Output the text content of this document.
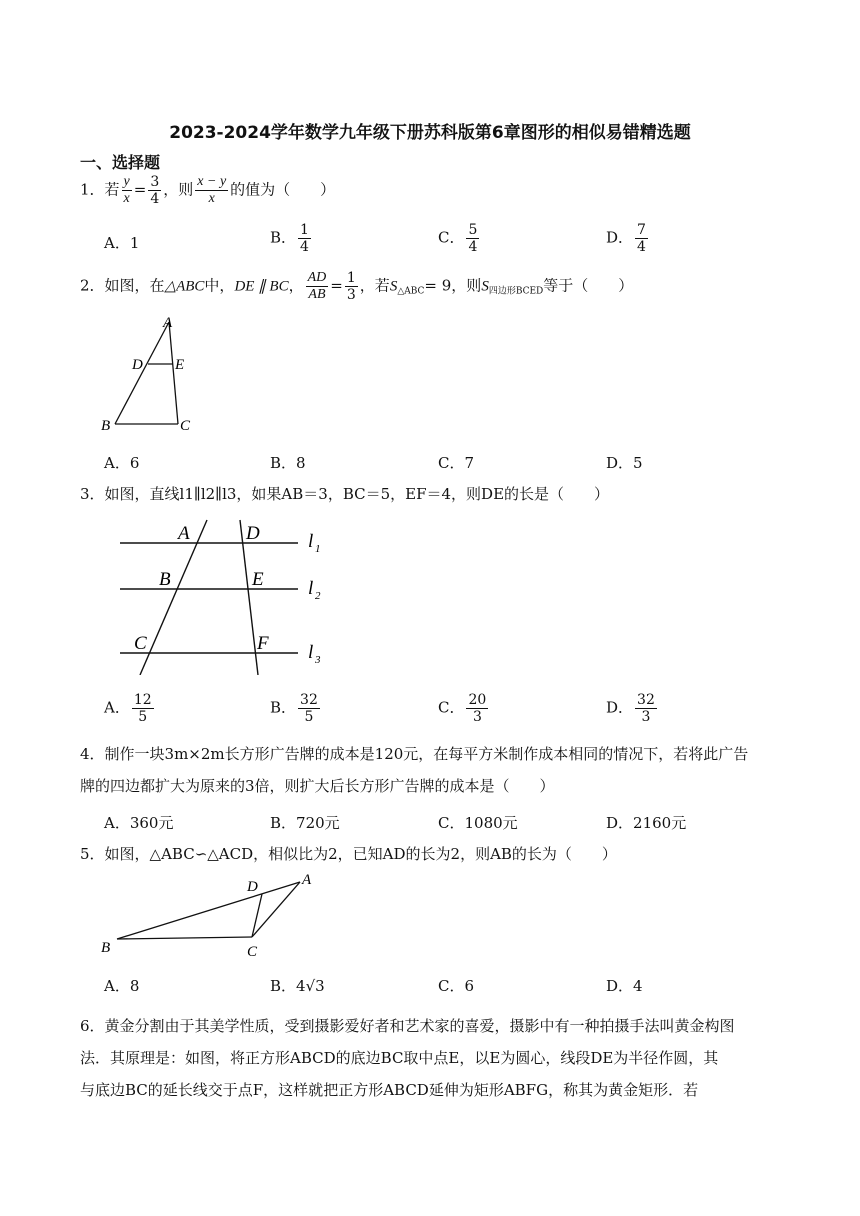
2023-2024学年数学九年级下册苏科版第6章图形的相似易错精选题
一、选择题
1．若 $\frac{y}{x} = \frac{3}{4}$ ，则 $\frac{x - y}{x}$ 的值为（　　）
A．1	B． $\frac{1}{4}$	C． $\frac{5}{4}$	D． $\frac{7}{4}$
2．如图，在△ABC中，DE ∥ BC， $\frac{AD}{AB} = \frac{1}{3}$ ，若$S_{\triangle ABC}= 9$，则$S_{四边形BCED}$等于（　　）
A
D E
B	C
A．6	B．8	C．7	D．5
3．如图，直线l1∥l2∥l3，如果AB＝3，BC＝5，EF＝4，则DE的长是（　　）
A	D
B	E
C	F
l 1
l 2
l 3
A． $\frac{12}{5}$	B． $\frac{32}{5}$	C． $\frac{20}{3}$	D． $\frac{32}{3}$
4．制作一块3m×2m长方形广告牌的成本是120元，在每平方米制作成本相同的情况下，若将此广告
牌的四边都扩大为原来的3倍，则扩大后长方形广告牌的成本是（　　）
A．360元	B．720元	C．1080元	D．2160元
5．如图，△ABC∽△ACD，相似比为2，已知AD的长为2，则AB的长为（　　）
D	A
B	C
A．8	B．4√3	C．6	D．4
6．黄金分割由于其美学性质，受到摄影爱好者和艺术家的喜爱，摄影中有一种拍摄手法叫黄金构图
法．其原理是：如图，将正方形ABCD的底边BC取中点E，以E为圆心，线段DE为半径作圆，其
与底边BC的延长线交于点F，这样就把正方形ABCD延伸为矩形ABFG，称其为黄金矩形．若
